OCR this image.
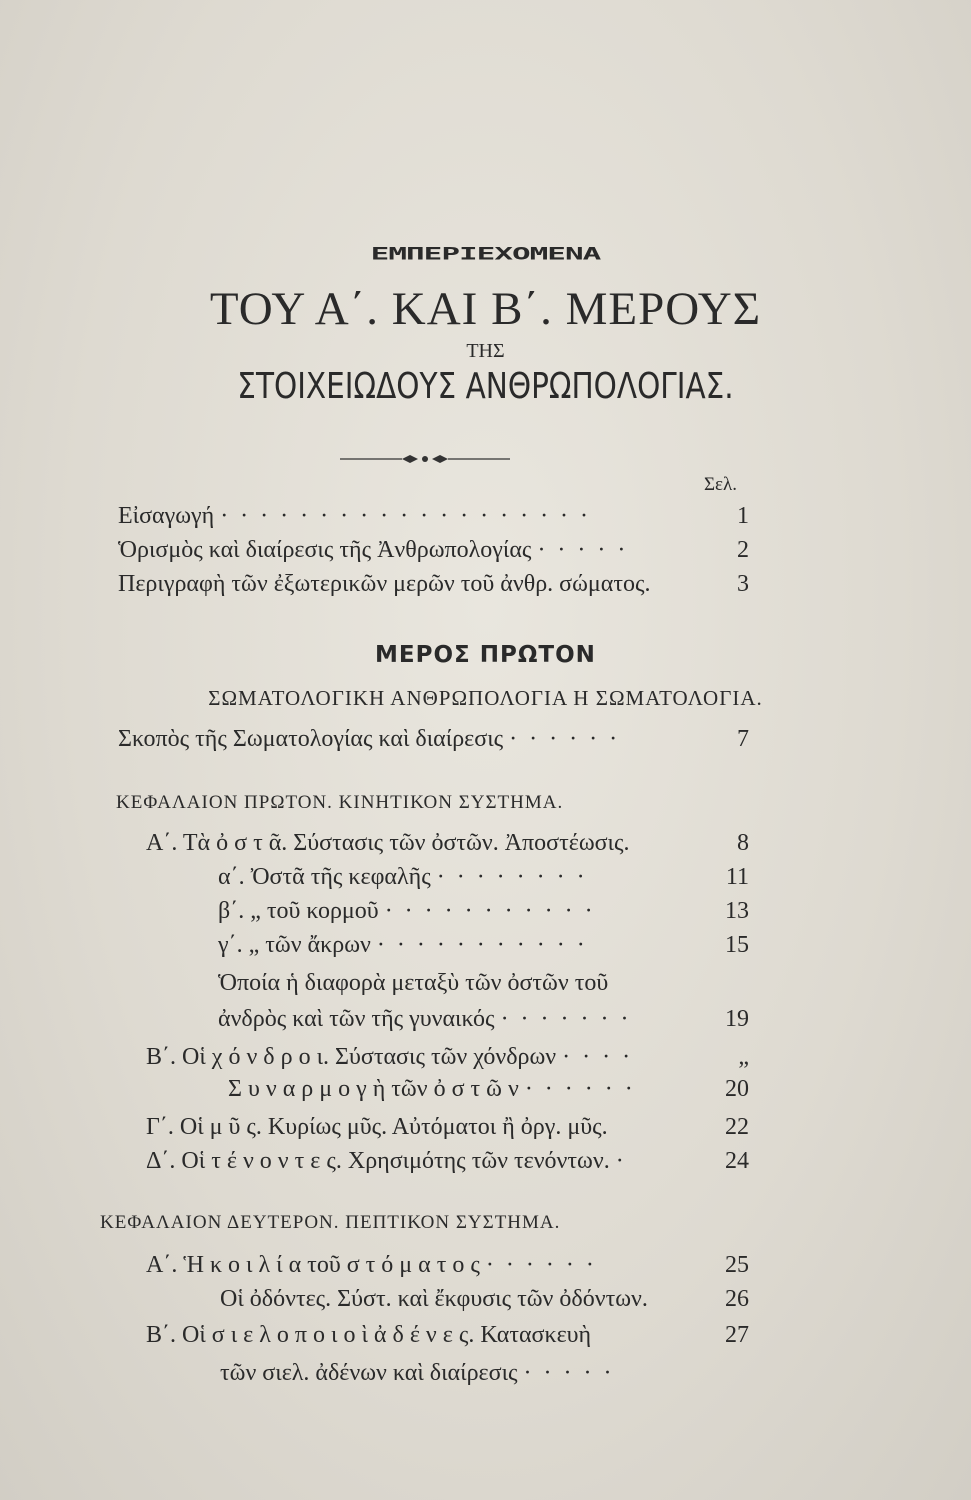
ΕΜΠΕΡΙΕΧΟΜΕΝΑ
ΤΟΥ Α΄. ΚΑΙ Β΄. ΜΕΡΟΥΣ
ΤΗΣ
ΣΤΟΙΧΕΙΩΔΟΥΣ ΑΝΘΡΩΠΟΛΟΓΙΑΣ.
Σελ.
Εἰσαγωγή · · · · · · · · · · · · · · · · · · ·	1
Ὁρισμὸς καὶ διαίρεσις τῆς Ἀνθρωπολογίας · · · · ·	2
Περιγραφὴ τῶν ἐξωτερικῶν μερῶν τοῦ ἀνθρ. σώματος.	3
ΜΕΡΟΣ ΠΡΩΤΟΝ
ΣΩΜΑΤΟΛΟΓΙΚΗ ΑΝΘΡΩΠΟΛΟΓΙΑ Η ΣΩΜΑΤΟΛΟΓΙΑ.
Σκοπὸς τῆς Σωματολογίας καὶ διαίρεσις · · · · · ·	7
ΚΕΦΑΛΑΙΟΝ ΠΡΩΤΟΝ. ΚΙΝΗΤΙΚΟΝ ΣΥΣΤΗΜΑ.
Α΄. Τὰ ὀ σ τ ᾶ. Σύστασις τῶν ὀστῶν. Ἀποστέωσις.	8
α΄. Ὀστᾶ τῆς κεφαλῆς · · · · · · · ·	11
β΄. „ τοῦ κορμοῦ · · · · · · · · · · ·	13
γ΄. „ τῶν ἄκρων · · · · · · · · · · ·	15
Ὁποία ἡ διαφορὰ μεταξὺ τῶν ὀστῶν τοῦ
ἀνδρὸς καὶ τῶν τῆς γυναικός · · · · · · ·	19
Β΄. Οἱ χ ό ν δ ρ ο ι. Σύστασις τῶν χόνδρων · · · ·	„
Σ υ ν α ρ μ ο γ ὴ τῶν ὀ σ τ ῶ ν · · · · · ·	20
Γ΄. Οἱ μ ῦ ς. Κυρίως μῦς. Αὐτόματοι ἢ ὀργ. μῦς.	22
Δ΄. Οἱ τ έ ν ο ν τ ε ς. Χρησιμότης τῶν τενόντων. ·	24
ΚΕΦΑΛΑΙΟΝ ΔΕΥΤΕΡΟΝ. ΠΕΠΤΙΚΟΝ ΣΥΣΤΗΜΑ.
Α΄. Ἡ κ ο ι λ ί α τοῦ σ τ ό μ α τ ο ς · · · · · ·	25
Οἱ ὀδόντες. Σύστ. καὶ ἔκφυσις τῶν ὀδόντων.	26
Β΄. Οἱ σ ι ε λ ο π ο ι ο ὶ ἀ δ έ ν ε ς. Κατασκευὴ	27
τῶν σιελ. ἀδένων καὶ διαίρεσις · · · · ·
